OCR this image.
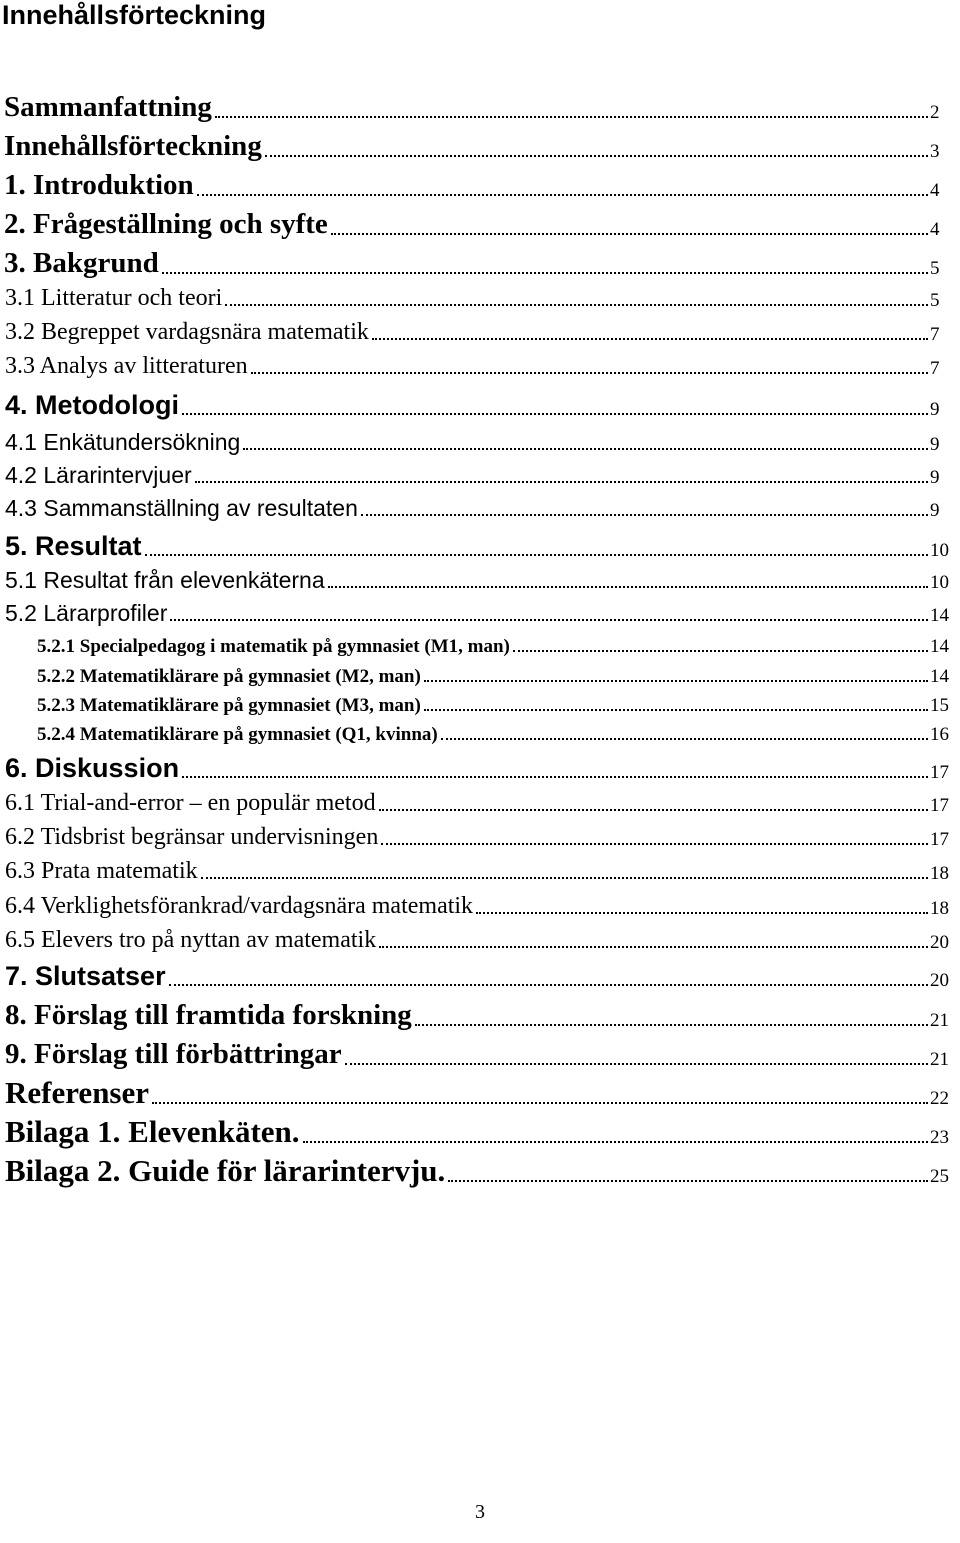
Innehållsförteckning
Sammanfattning	2
Innehållsförteckning	3
1. Introduktion	4
2. Frågeställning och syfte	4
3. Bakgrund	5
3.1 Litteratur och teori	5
3.2 Begreppet vardagsnära matematik	7
3.3 Analys av litteraturen	7
4. Metodologi	9
4.1 Enkätundersökning	9
4.2 Lärarintervjuer	9
4.3 Sammanställning av resultaten	9
5. Resultat	10
5.1 Resultat från elevenkäterna	10
5.2 Lärarprofiler	14
5.2.1 Specialpedagog i matematik på gymnasiet (M1, man)	14
5.2.2 Matematiklärare på gymnasiet (M2, man)	14
5.2.3 Matematiklärare på gymnasiet (M3, man)	15
5.2.4 Matematiklärare på gymnasiet (Q1, kvinna)	16
6. Diskussion	17
6.1 Trial-and-error – en populär metod	17
6.2 Tidsbrist begränsar undervisningen	17
6.3 Prata matematik	18
6.4 Verklighetsförankrad/vardagsnära matematik	18
6.5 Elevers tro på nyttan av matematik	20
7. Slutsatser	20
8. Förslag till framtida forskning	21
9. Förslag till förbättringar	21
Referenser	22
Bilaga 1. Elevenkäten.	23
Bilaga 2. Guide för lärarintervju.	25
3
